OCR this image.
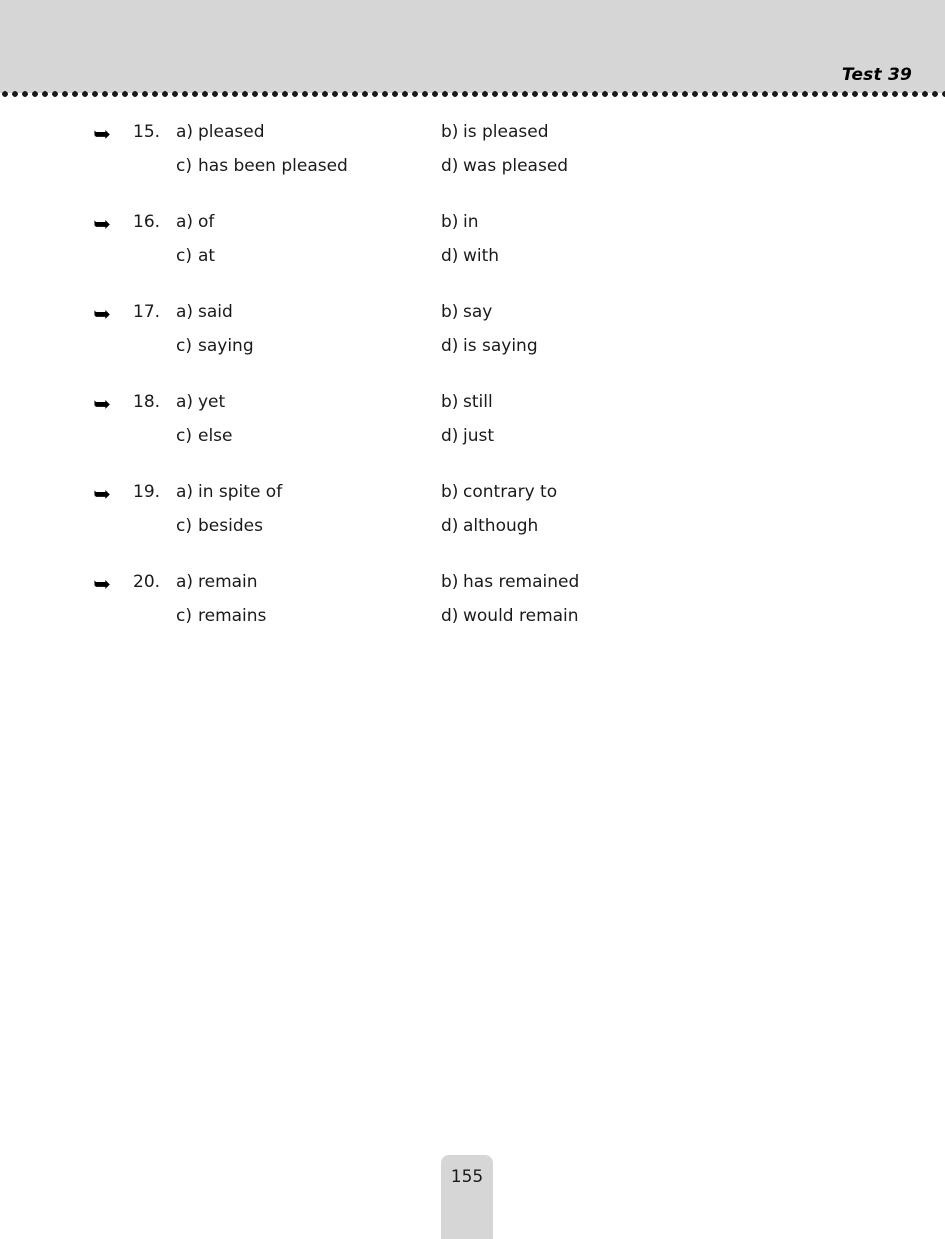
Test 39
➥ 15. a) pleased	b) is pleased
c) has been pleased	d) was pleased
➥ 16. a) of	b) in
c) at	d) with
➥ 17. a) said	b) say
c) saying	d) is saying
➥ 18. a) yet	b) still
c) else	d) just
➥ 19. a) in spite of	b) contrary to
c) besides	d) although
➥ 20. a) remain	b) has remained
c) remains	d) would remain
155
